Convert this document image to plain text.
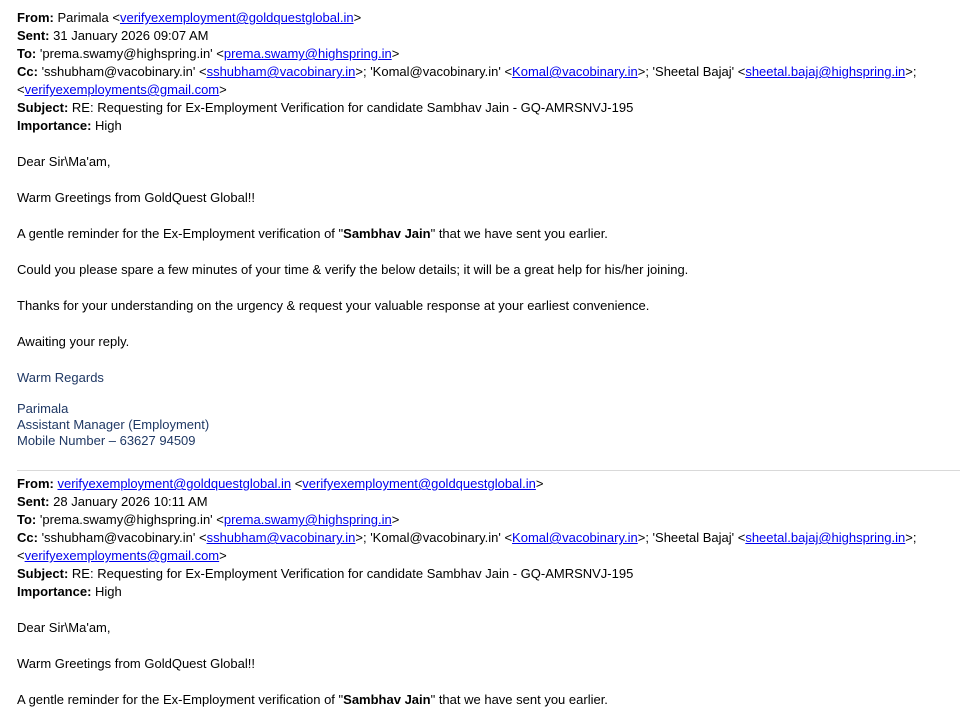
From: Parimala <verifyexemployment@goldquestglobal.in>
Sent: 31 January 2026 09:07 AM
To: 'prema.swamy@highspring.in' <prema.swamy@highspring.in>
Cc: 'sshubham@vacobinary.in' <sshubham@vacobinary.in>; 'Komal@vacobinary.in' <Komal@vacobinary.in>; 'Sheetal Bajaj' <sheetal.bajaj@highspring.in>;
<verifyexemployments@gmail.com>
Subject: RE: Requesting for Ex-Employment Verification for candidate Sambhav Jain - GQ-AMRSNVJ-195
Importance: High
Dear Sir\Ma'am,
Warm Greetings from GoldQuest Global!!
A gentle reminder for the Ex-Employment verification of "Sambhav Jain" that we have sent you earlier.
Could you please spare a few minutes of your time & verify the below details; it will be a great help for his/her joining.
Thanks for your understanding on the urgency & request your valuable response at your earliest convenience.
Awaiting your reply.
Warm Regards
Parimala
Assistant Manager (Employment)
Mobile Number – 63627 94509
From: verifyexemployment@goldquestglobal.in <verifyexemployment@goldquestglobal.in>
Sent: 28 January 2026 10:11 AM
To: 'prema.swamy@highspring.in' <prema.swamy@highspring.in>
Cc: 'sshubham@vacobinary.in' <sshubham@vacobinary.in>; 'Komal@vacobinary.in' <Komal@vacobinary.in>; 'Sheetal Bajaj' <sheetal.bajaj@highspring.in>;
<verifyexemployments@gmail.com>
Subject: RE: Requesting for Ex-Employment Verification for candidate Sambhav Jain - GQ-AMRSNVJ-195
Importance: High
Dear Sir\Ma'am,
Warm Greetings from GoldQuest Global!!
A gentle reminder for the Ex-Employment verification of "Sambhav Jain" that we have sent you earlier.
